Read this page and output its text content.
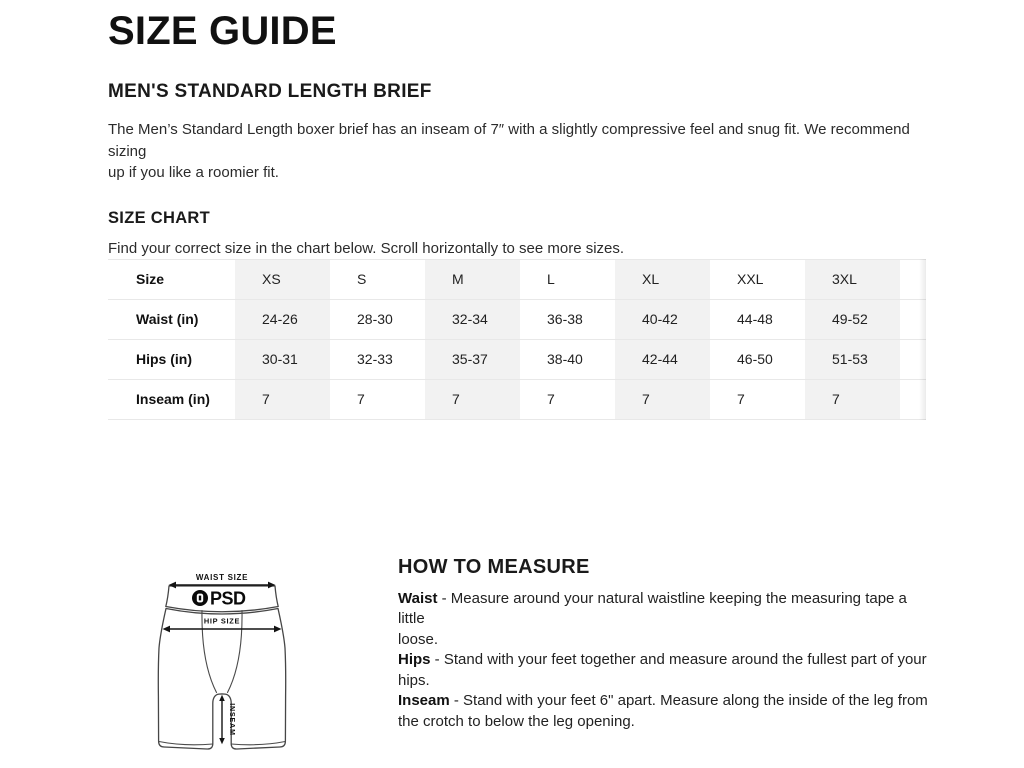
SIZE GUIDE
MEN'S STANDARD LENGTH BRIEF
The Men’s Standard Length boxer brief has an inseam of 7″ with a slightly compressive feel and snug fit. We recommend sizing
up if you like a roomier fit.
SIZE CHART

Find your correct size in the chart below. Scroll horizontally to see more sizes.

Size	XS	S	M	L	XL	XXL	3XL	
Waist (in)	24-26	28-30	32-34	36-38	40-42	44-48	49-52	
Hips (in)	30-31	32-33	35-37	38-40	42-44	46-50	51-53	
Inseam (in)	7	7	7	7	7	7	7	
PSD
WAIST SIZE
HIP SIZE
INSEAM
HOW TO MEASURE

Waist - Measure around your natural waistline keeping the measuring tape a little

loose.

Hips - Stand with your feet together and measure around the fullest part of your

hips.

Inseam - Stand with your feet 6" apart. Measure along the inside of the leg from

the crotch to below the leg opening.
